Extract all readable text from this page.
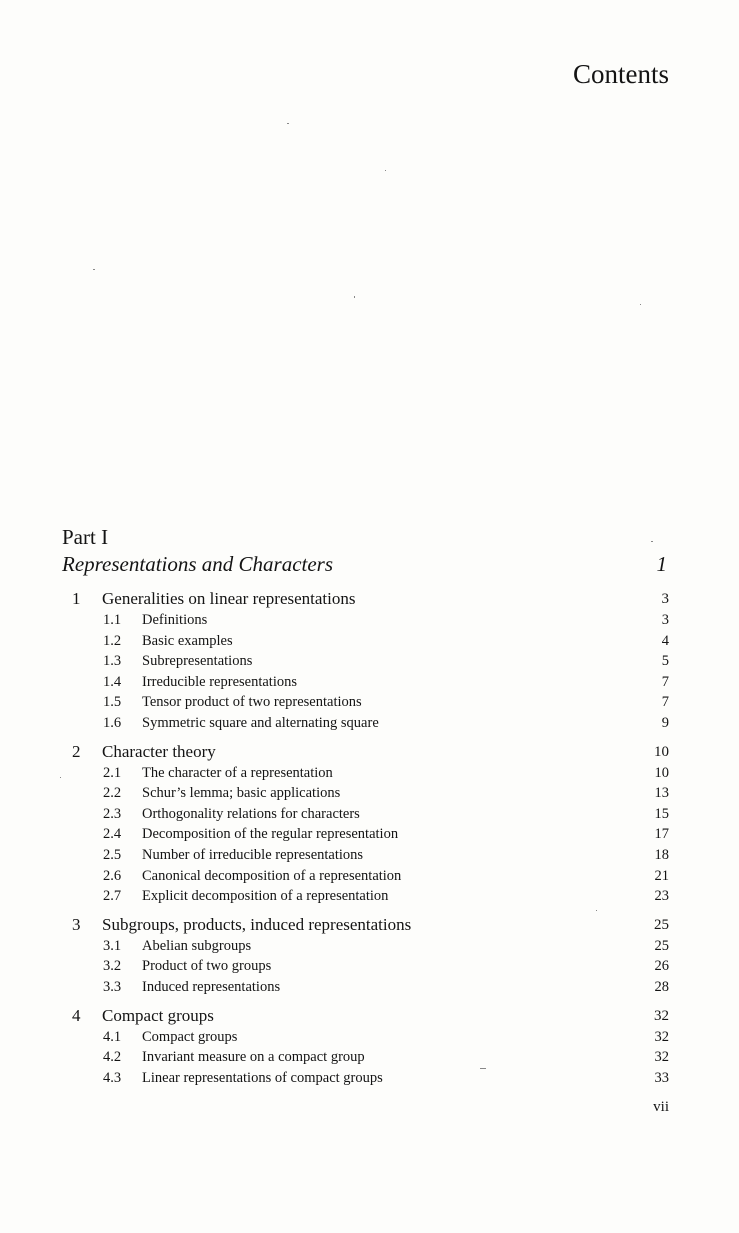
Contents
Part I
Representations and Characters	1
1 Generalities on linear representations	3
1.1 Definitions	3
1.2 Basic examples	4
1.3 Subrepresentations	5
1.4 Irreducible representations	7
1.5 Tensor product of two representations	7
1.6 Symmetric square and alternating square	9
2 Character theory	10
2.1 The character of a representation	10
2.2 Schur’s lemma; basic applications	13
2.3 Orthogonality relations for characters	15
2.4 Decomposition of the regular representation	17
2.5 Number of irreducible representations	18
2.6 Canonical decomposition of a representation	21
2.7 Explicit decomposition of a representation	23
3 Subgroups, products, induced representations	25
3.1 Abelian subgroups	25
3.2 Product of two groups	26
3.3 Induced representations	28
4 Compact groups	32
4.1 Compact groups	32
4.2 Invariant measure on a compact group	32
4.3 Linear representations of compact groups	33
vii
